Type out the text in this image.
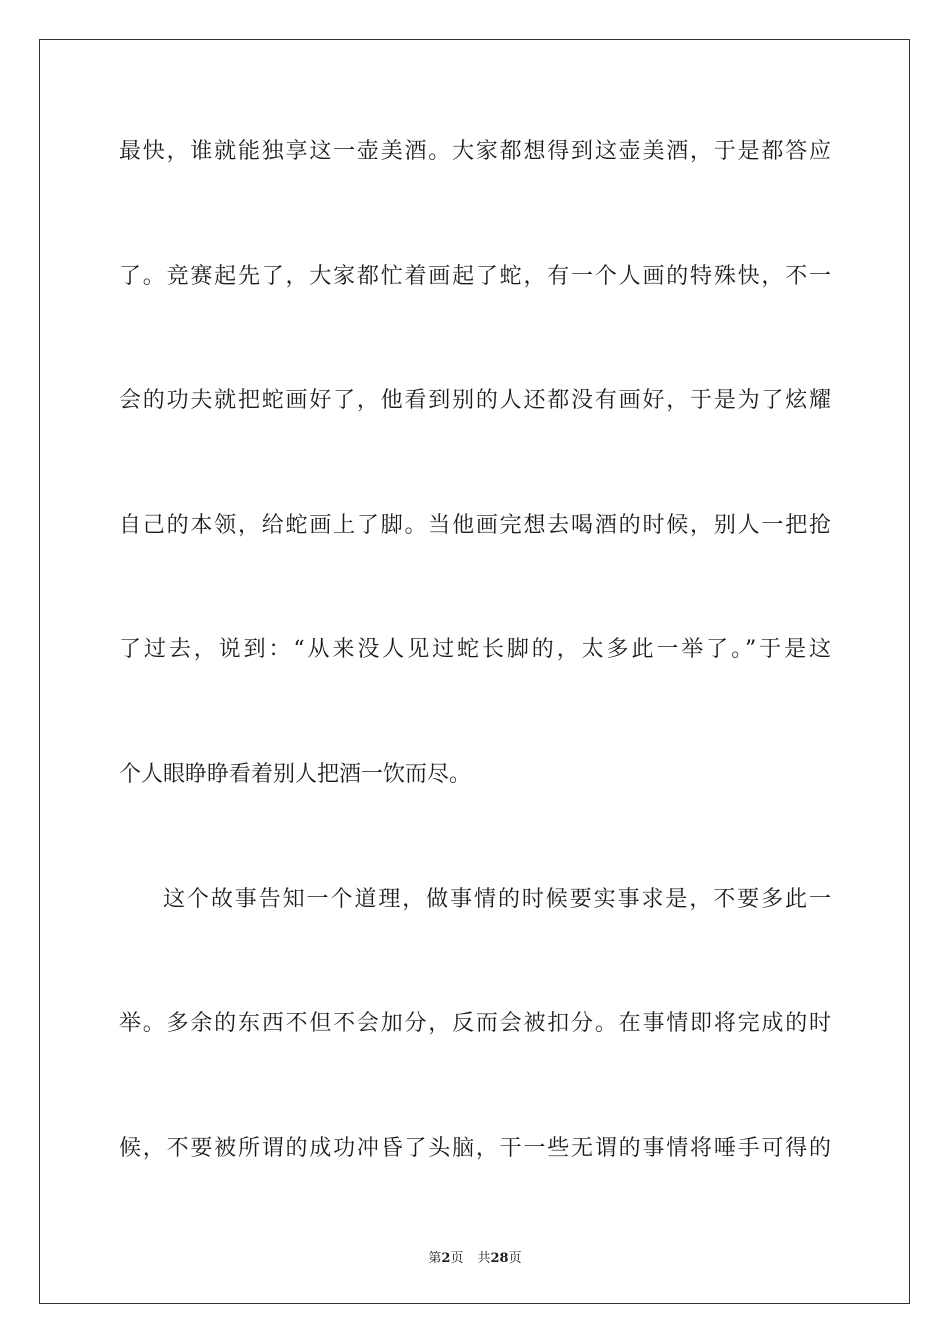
最快，谁就能独享这一壶美酒。大家都想得到这壶美酒，于是都答应
了。竞赛起先了，大家都忙着画起了蛇，有一个人画的特殊快，不一
会的功夫就把蛇画好了，他看到别的人还都没有画好，于是为了炫耀
自己的本领，给蛇画上了脚。当他画完想去喝酒的时候，别人一把抢
了过去，说到：“从来没人见过蛇长脚的，太多此一举了。”于是这
个人眼睁睁看着别人把酒一饮而尽。
这个故事告知一个道理，做事情的时候要实事求是，不要多此一
举。多余的东西不但不会加分，反而会被扣分。在事情即将完成的时
候，不要被所谓的成功冲昏了头脑，干一些无谓的事情将唾手可得的
第2页 共28页
